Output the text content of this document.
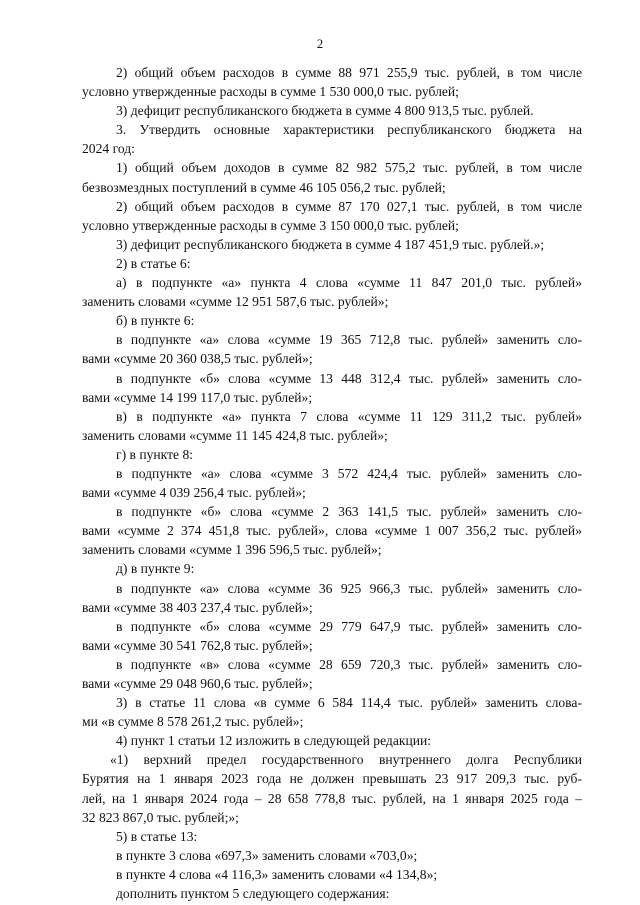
2
2) общий объем расходов в сумме 88 971 255,9 тыс. рублей, в том числе
условно утвержденные расходы в сумме 1 530 000,0 тыс. рублей;
3) дефицит республиканского бюджета в сумме 4 800 913,5 тыс. рублей.
3. Утвердить основные характеристики республиканского бюджета на
2024 год:
1) общий объем доходов в сумме 82 982 575,2 тыс. рублей, в том числе
безвозмездных поступлений в сумме 46 105 056,2 тыс. рублей;
2) общий объем расходов в сумме 87 170 027,1 тыс. рублей, в том числе
условно утвержденные расходы в сумме 3 150 000,0 тыс. рублей;
3) дефицит республиканского бюджета в сумме 4 187 451,9 тыс. рублей.»;
2) в статье 6:
а) в подпункте «а» пункта 4 слова «сумме 11 847 201,0 тыс. рублей»
заменить словами «сумме 12 951 587,6 тыс. рублей»;
б) в пункте 6:
в подпункте «а» слова «сумме 19 365 712,8 тыс. рублей» заменить сло-
вами «сумме 20 360 038,5 тыс. рублей»;
в подпункте «б» слова «сумме 13 448 312,4 тыс. рублей» заменить сло-
вами «сумме 14 199 117,0 тыс. рублей»;
в) в подпункте «а» пункта 7 слова «сумме 11 129 311,2 тыс. рублей»
заменить словами «сумме 11 145 424,8 тыс. рублей»;
г) в пункте 8:
в подпункте «а» слова «сумме 3 572 424,4 тыс. рублей» заменить сло-
вами «сумме 4 039 256,4 тыс. рублей»;
в подпункте «б» слова «сумме 2 363 141,5 тыс. рублей» заменить сло-
вами «сумме 2 374 451,8 тыс. рублей», слова «сумме 1 007 356,2 тыс. рублей»
заменить словами «сумме 1 396 596,5 тыс. рублей»;
д) в пункте 9:
в подпункте «а» слова «сумме 36 925 966,3 тыс. рублей» заменить сло-
вами «сумме 38 403 237,4 тыс. рублей»;
в подпункте «б» слова «сумме 29 779 647,9 тыс. рублей» заменить сло-
вами «сумме 30 541 762,8 тыс. рублей»;
в подпункте «в» слова «сумме 28 659 720,3 тыс. рублей» заменить сло-
вами «сумме 29 048 960,6 тыс. рублей»;
3) в статье 11 слова «в сумме 6 584 114,4 тыс. рублей» заменить слова-
ми «в сумме 8 578 261,2 тыс. рублей»;
4) пункт 1 статьи 12 изложить в следующей редакции:
«1) верхний предел государственного внутреннего долга Республики
Бурятия на 1 января 2023 года не должен превышать 23 917 209,3 тыс. руб-
лей, на 1 января 2024 года – 28 658 778,8 тыс. рублей, на 1 января 2025 года –
32 823 867,0 тыс. рублей;»;
5) в статье 13:
в пункте 3 слова «697,3» заменить словами «703,0»;
в пункте 4 слова «4 116,3» заменить словами «4 134,8»;
дополнить пунктом 5 следующего содержания:
